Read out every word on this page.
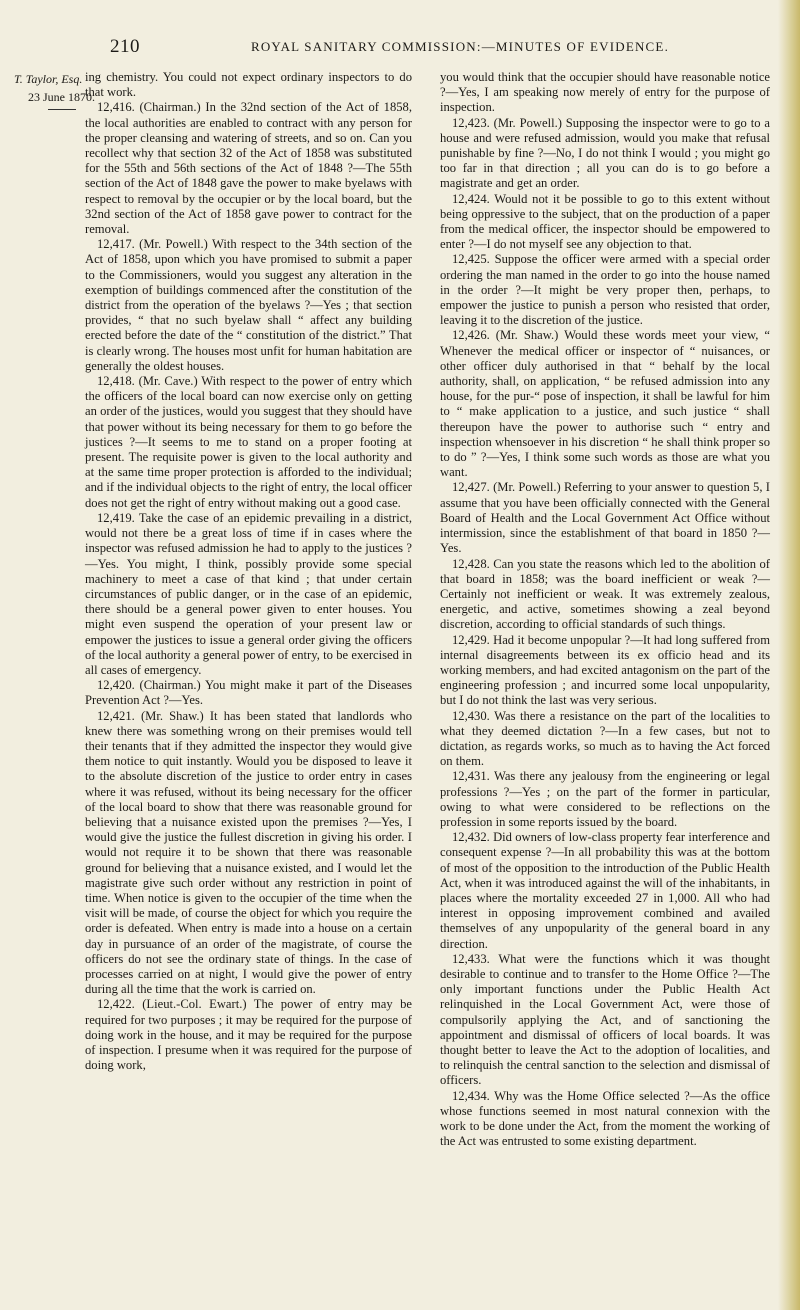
210	ROYAL SANITARY COMMISSION:—MINUTES OF EVIDENCE.
T. Taylor, Esq.
23 June 1870.

ing chemistry. You could not expect ordinary inspectors to do that work.

12,416. (Chairman.) In the 32nd section of the Act of 1858, the local authorities are enabled to contract with any person for the proper cleansing and watering of streets, and so on. Can you recollect why that section 32 of the Act of 1858 was substituted for the 55th and 56th sections of the Act of 1848 ?—The 55th section of the Act of 1848 gave the power to make byelaws with respect to removal by the occupier or by the local board, but the 32nd section of the Act of 1858 gave power to contract for the removal.

12,417. (Mr. Powell.) With respect to the 34th section of the Act of 1858, upon which you have promised to submit a paper to the Commissioners, would you suggest any alteration in the exemption of buildings commenced after the constitution of the district from the operation of the byelaws ?—Yes ; that section provides, “ that no such byelaw shall “ affect any building erected before the date of the “ constitution of the district.” That is clearly wrong. The houses most unfit for human habitation are generally the oldest houses.

12,418. (Mr. Cave.) With respect to the power of entry which the officers of the local board can now exercise only on getting an order of the justices, would you suggest that they should have that power without its being necessary for them to go before the justices ?—It seems to me to stand on a proper footing at present. The requisite power is given to the local authority and at the same time proper protection is afforded to the individual; and if the individual objects to the right of entry, the local officer does not get the right of entry without making out a good case.

12,419. Take the case of an epidemic prevailing in a district, would not there be a great loss of time if in cases where the inspector was refused admission he had to apply to the justices ?—Yes. You might, I think, possibly provide some special machinery to meet a case of that kind ; that under certain circumstances of public danger, or in the case of an epidemic, there should be a general power given to enter houses. You might even suspend the operation of your present law or empower the justices to issue a general order giving the officers of the local authority a general power of entry, to be exercised in all cases of emergency.

12,420. (Chairman.) You might make it part of the Diseases Prevention Act ?—Yes.

12,421. (Mr. Shaw.) It has been stated that landlords who knew there was something wrong on their premises would tell their tenants that if they admitted the inspector they would give them notice to quit instantly. Would you be disposed to leave it to the absolute discretion of the justice to order entry in cases where it was refused, without its being necessary for the officer of the local board to show that there was reasonable ground for believing that a nuisance existed upon the premises ?—Yes, I would give the justice the fullest discretion in giving his order. I would not require it to be shown that there was reasonable ground for believing that a nuisance existed, and I would let the magistrate give such order without any restriction in point of time. When notice is given to the occupier of the time when the visit will be made, of course the object for which you require the order is defeated. When entry is made into a house on a certain day in pursuance of an order of the magistrate, of course the officers do not see the ordinary state of things. In the case of processes carried on at night, I would give the power of entry during all the time that the work is carried on.

12,422. (Lieut.-Col. Ewart.) The power of entry may be required for two purposes ; it may be required for the purpose of doing work in the house, and it may be required for the purpose of inspection. I presume when it was required for the purpose of doing work,

you would think that the occupier should have reasonable notice ?—Yes, I am speaking now merely of entry for the purpose of inspection.

12,423. (Mr. Powell.) Supposing the inspector were to go to a house and were refused admission, would you make that refusal punishable by fine ?—No, I do not think I would ; you might go too far in that direction ; all you can do is to go before a magistrate and get an order.

12,424. Would not it be possible to go to this extent without being oppressive to the subject, that on the production of a paper from the medical officer, the inspector should be empowered to enter ?—I do not myself see any objection to that.

12,425. Suppose the officer were armed with a special order ordering the man named in the order to go into the house named in the order ?—It might be very proper then, perhaps, to empower the justice to punish a person who resisted that order, leaving it to the discretion of the justice.

12,426. (Mr. Shaw.) Would these words meet your view, “ Whenever the medical officer or inspector of “ nuisances, or other officer duly authorised in that “ behalf by the local authority, shall, on application, “ be refused admission into any house, for the pur-“ pose of inspection, it shall be lawful for him to “ make application to a justice, and such justice “ shall thereupon have the power to authorise such “ entry and inspection whensoever in his discretion “ he shall think proper so to do ” ?—Yes, I think some such words as those are what you want.

12,427. (Mr. Powell.) Referring to your answer to question 5, I assume that you have been officially connected with the General Board of Health and the Local Government Act Office without intermission, since the establishment of that board in 1850 ?—Yes.

12,428. Can you state the reasons which led to the abolition of that board in 1858; was the board inefficient or weak ?—Certainly not inefficient or weak. It was extremely zealous, energetic, and active, sometimes showing a zeal beyond discretion, according to official standards of such things.

12,429. Had it become unpopular ?—It had long suffered from internal disagreements between its ex officio head and its working members, and had excited antagonism on the part of the engineering profession ; and incurred some local unpopularity, but I do not think the last was very serious.

12,430. Was there a resistance on the part of the localities to what they deemed dictation ?—In a few cases, but not to dictation, as regards works, so much as to having the Act forced on them.

12,431. Was there any jealousy from the engineering or legal professions ?—Yes ; on the part of the former in particular, owing to what were considered to be reflections on the profession in some reports issued by the board.

12,432. Did owners of low-class property fear interference and consequent expense ?—In all probability this was at the bottom of most of the opposition to the introduction of the Public Health Act, when it was introduced against the will of the inhabitants, in places where the mortality exceeded 27 in 1,000. All who had interest in opposing improvement combined and availed themselves of any unpopularity of the general board in any direction.

12,433. What were the functions which it was thought desirable to continue and to transfer to the Home Office ?—The only important functions under the Public Health Act relinquished in the Local Government Act, were those of compulsorily applying the Act, and of sanctioning the appointment and dismissal of officers of local boards. It was thought better to leave the Act to the adoption of localities, and to relinquish the central sanction to the selection and dismissal of officers.

12,434. Why was the Home Office selected ?—As the office whose functions seemed in most natural connexion with the work to be done under the Act, from the moment the working of the Act was entrusted to some existing department.
